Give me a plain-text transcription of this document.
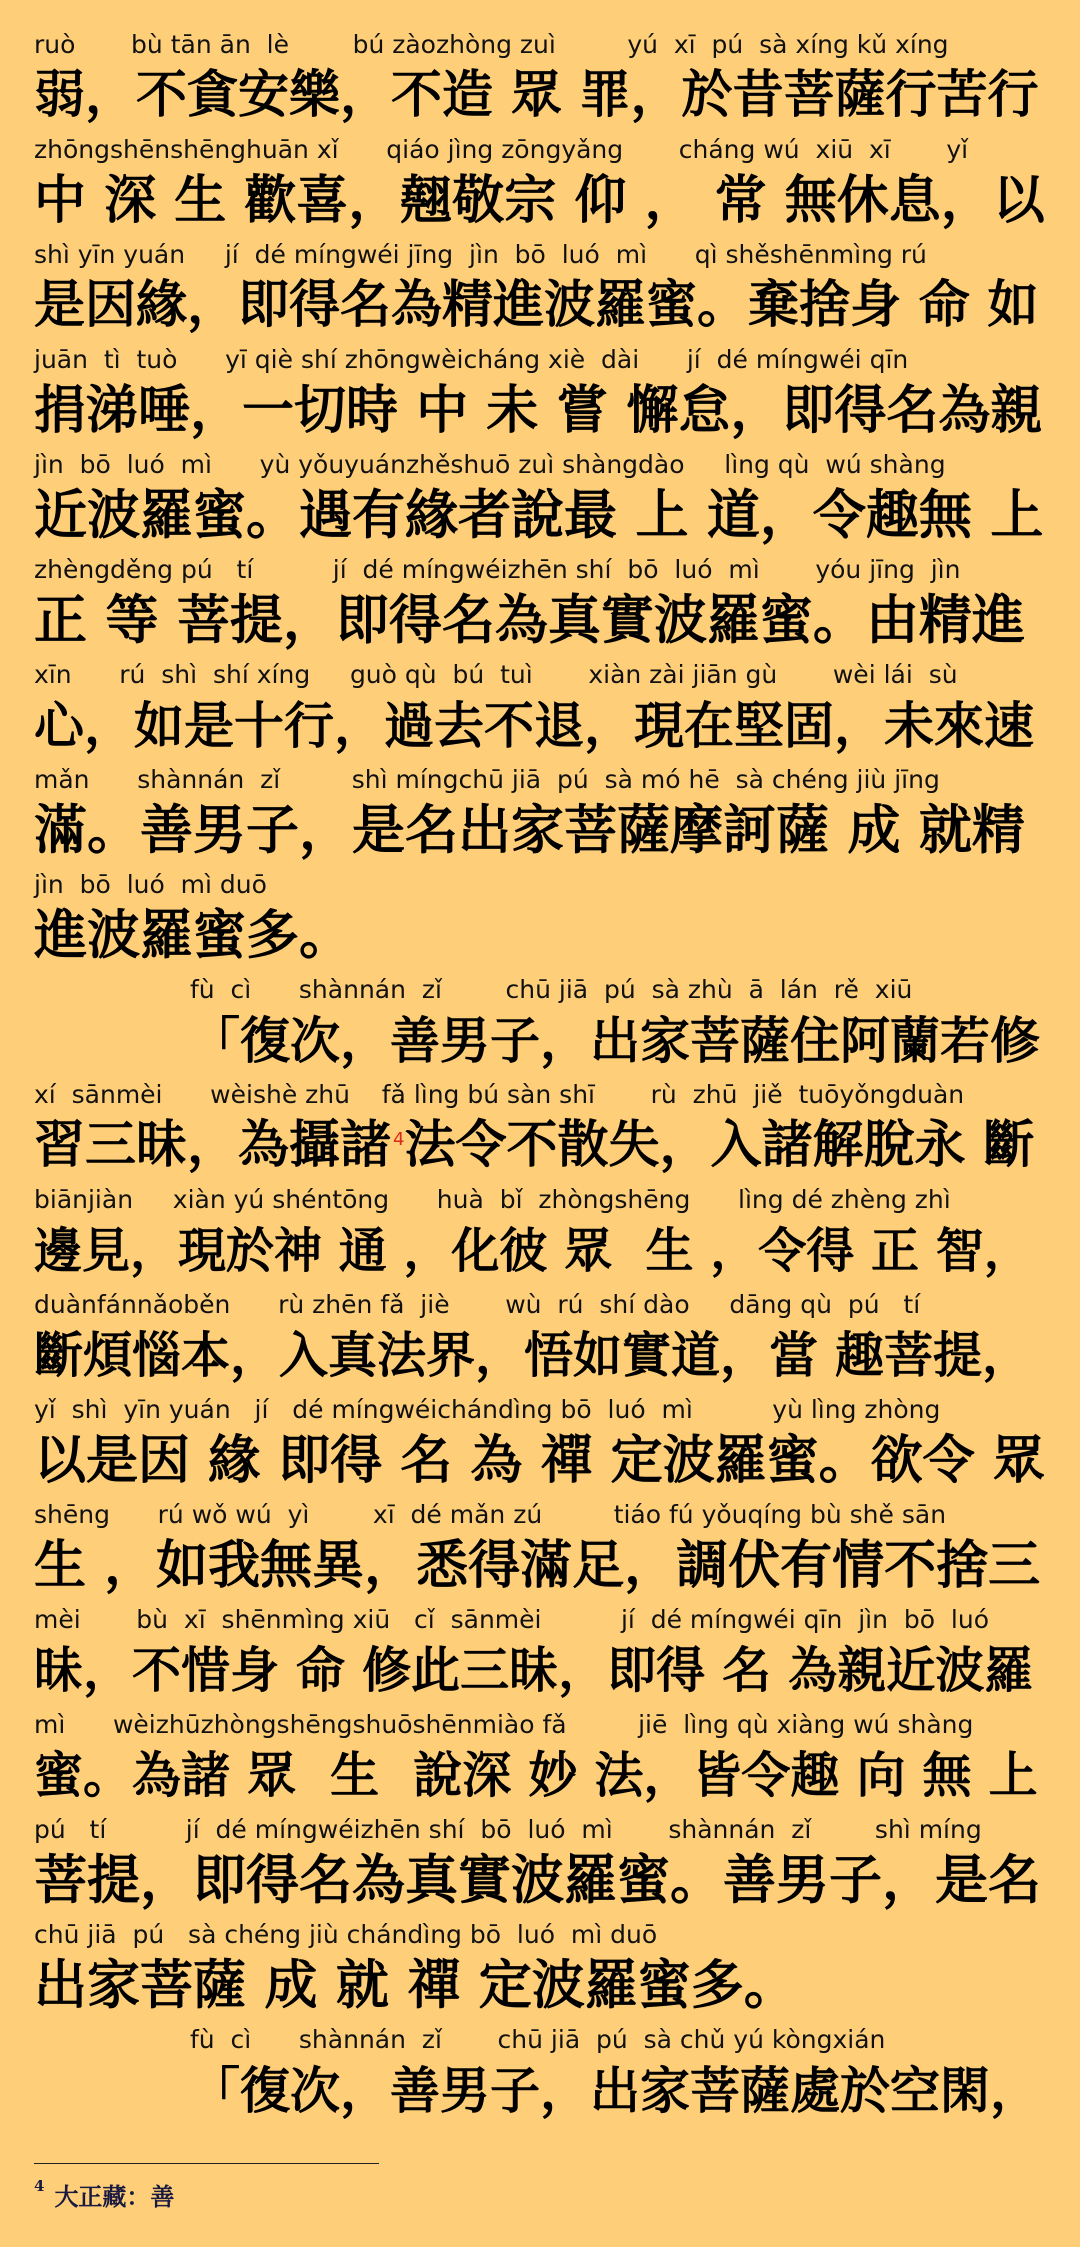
ruò       bù tān ān  lè        bú zàozhòng zuì         yú  xī  pú  sà xíng kǔ xíng
弱，不貪安樂，不造 眾 罪，於昔菩薩行苦行
zhōngshēnshēnghuān xǐ      qiáo jìng zōngyǎng       cháng wú  xiū  xī       yǐ
中 深 生 歡喜，翹敬宗 仰 ， 常 無休息，以
shì yīn yuán     jí  dé míngwéi jīng  jìn  bō  luó  mì      qì shěshēnmìng rú
是因緣，即得名為精進波羅蜜。棄捨身 命 如
juān  tì  tuò      yī qiè shí zhōngwèicháng xiè  dài      jí  dé míngwéi qīn
捐涕唾，一切時 中 未 嘗 懈怠，即得名為親
jìn  bō  luó  mì      yù yǒuyuánzhěshuō zuì shàngdào     lìng qù  wú shàng
近波羅蜜。遇有緣者說最 上 道，令趣無 上
zhèngděng pú   tí          jí  dé míngwéizhēn shí  bō  luó  mì       yóu jīng  jìn
正 等 菩提，即得名為真實波羅蜜。由精進
xīn      rú  shì  shí xíng     guò qù  bú  tuì       xiàn zài jiān gù       wèi lái  sù
心，如是十行，過去不退，現在堅固，未來速
mǎn      shànnán  zǐ         shì míngchū jiā  pú  sà mó hē  sà chéng jiù jīng
滿。善男子，是名出家菩薩摩訶薩 成 就精
jìn  bō  luó  mì duō
進波羅蜜多。
fù  cì      shànnán  zǐ        chū jiā  pú  sà zhù  ā  lán  rě  xiū
「復次，善男子，出家菩薩住阿蘭若修
xí  sānmèi      wèishè zhū    fǎ lìng bú sàn shī       rù  zhū  jiě  tuōyǒngduàn
習三昧，為攝諸 $^4$法令不散失，入諸解脫永 斷
biānjiàn     xiàn yú shéntōng      huà  bǐ  zhòngshēng      lìng dé zhèng zhì
邊見，現於神 通 ，化彼 眾  生 ，令得 正 智，
duànfánnǎoběn      rù zhēn fǎ  jiè       wù  rú  shí dào     dāng qù  pú   tí
斷煩惱本，入真法界，悟如實道，當 趣菩提，
yǐ  shì  yīn yuán   jí   dé míngwéichándìng bō  luó  mì          yù lìng zhòng
以是因 緣 即得 名 為 禪 定波羅蜜。欲令 眾
shēng      rú wǒ wú  yì        xī  dé mǎn zú         tiáo fú yǒuqíng bù shě sān
生 ，如我無異，悉得滿足，調伏有情不捨三
mèi       bù  xī  shēnmìng xiū   cǐ  sānmèi          jí  dé míngwéi qīn  jìn  bō  luó
昧，不惜身 命 修此三昧，即得 名 為親近波羅
mì      wèizhūzhòngshēngshuōshēnmiào fǎ         jiē  lìng qù xiàng wú shàng
蜜。為諸 眾  生  說深 妙 法，皆令趣 向 無 上
pú   tí          jí  dé míngwéizhēn shí  bō  luó  mì       shànnán  zǐ        shì míng
菩提，即得名為真實波羅蜜。善男子，是名
chū jiā  pú   sà chéng jiù chándìng bō  luó  mì duō
出家菩薩 成 就 禪 定波羅蜜多。
fù  cì      shànnán  zǐ       chū jiā  pú  sà chǔ yú kòngxián
「復次，善男子，出家菩薩處於空閑，
$^4$ 大正藏：善
